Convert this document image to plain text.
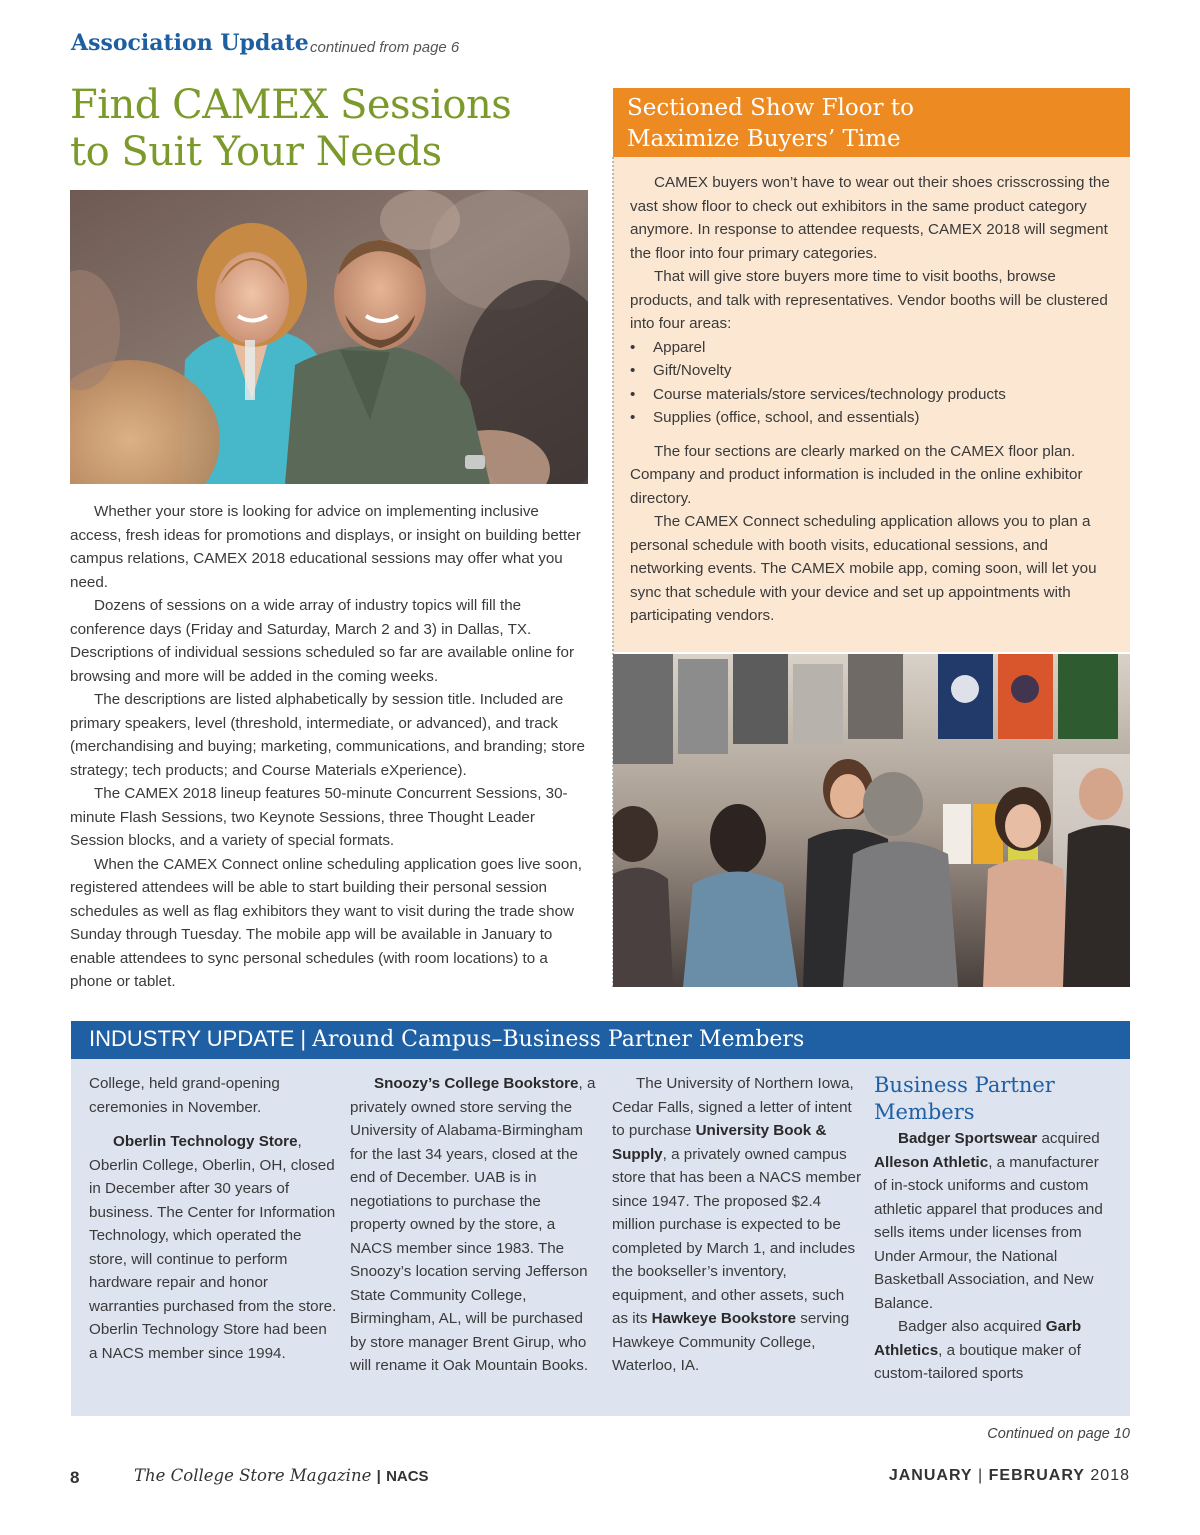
Association Update continued from page 6
Find CAMEX Sessions
to Suit Your Needs

Whether your store is looking for advice on implementing inclusive access, fresh ideas for promotions and displays, or insight on building better campus relations, CAMEX 2018 educational sessions may offer what you need.

Dozens of sessions on a wide array of industry topics will fill the conference days (Friday and Saturday, March 2 and 3) in Dallas, TX. Descriptions of individual sessions scheduled so far are available online for browsing and more will be added in the coming weeks.

The descriptions are listed alphabetically by session title. Included are primary speakers, level (threshold, intermediate, or advanced), and track (merchandising and buying; marketing, communications, and branding; store strategy; tech products; and Course Materials eXperience).

The CAMEX 2018 lineup features 50-minute Concurrent Sessions, 30-minute Flash Sessions, two Keynote Sessions, three Thought Leader Session blocks, and a variety of special formats.

When the CAMEX Connect online scheduling application goes live soon, registered attendees will be able to start building their personal session schedules as well as flag exhibitors they want to visit during the trade show Sunday through Tuesday. The mobile app will be available in January to enable attendees to sync personal schedules (with room locations) to a phone or tablet.

Sectioned Show Floor to
Maximize Buyers’ Time

CAMEX buyers won’t have to wear out their shoes crisscrossing the vast show floor to check out exhibitors in the same product category anymore. In response to attendee requests, CAMEX 2018 will segment the floor into four primary categories.

That will give store buyers more time to visit booths, browse products, and talk with representatives. Vendor booths will be clustered into four areas:

• Apparel
• Gift/Novelty
• Course materials/store services/technology products
• Supplies (office, school, and essentials)

The four sections are clearly marked on the CAMEX floor plan. Company and product information is included in the online exhibitor directory.

The CAMEX Connect scheduling application allows you to plan a personal schedule with booth visits, educational sessions, and networking events. The CAMEX mobile app, coming soon, will let you sync that schedule with your device and set up appointments with participating vendors.

INDUSTRY UPDATE | Around Campus–Business Partner Members

College, held grand-opening ceremonies in November.

Oberlin Technology Store, Oberlin College, Oberlin, OH, closed in December after 30 years of business. The Center for Information Technology, which operated the store, will continue to perform hardware repair and honor warranties purchased from the store. Oberlin Technology Store had been a NACS member since 1994.

Snoozy’s College Bookstore, a privately owned store serving the University of Alabama-Birmingham for the last 34 years, closed at the end of December. UAB is in negotiations to purchase the property owned by the store, a NACS member since 1983. The Snoozy’s location serving Jefferson State Community College, Birmingham, AL, will be purchased by store manager Brent Girup, who will rename it Oak Mountain Books.

The University of Northern Iowa, Cedar Falls, signed a letter of intent to purchase University Book & Supply, a privately owned campus store that has been a NACS member since 1947. The proposed $2.4 million purchase is expected to be completed by March 1, and includes the bookseller’s inventory, equipment, and other assets, such as its Hawkeye Bookstore serving Hawkeye Community College, Waterloo, IA.

Business Partner
Members

Badger Sportswear acquired Alleson Athletic, a manufacturer of in-stock uniforms and custom athletic apparel that produces and sells items under licenses from Under Armour, the National Basketball Association, and New Balance.

Badger also acquired Garb Athletics, a boutique maker of custom-tailored sports

Continued on page 10
8	The College Store Magazine | NACS	JANUARY | FEBRUARY 2018
